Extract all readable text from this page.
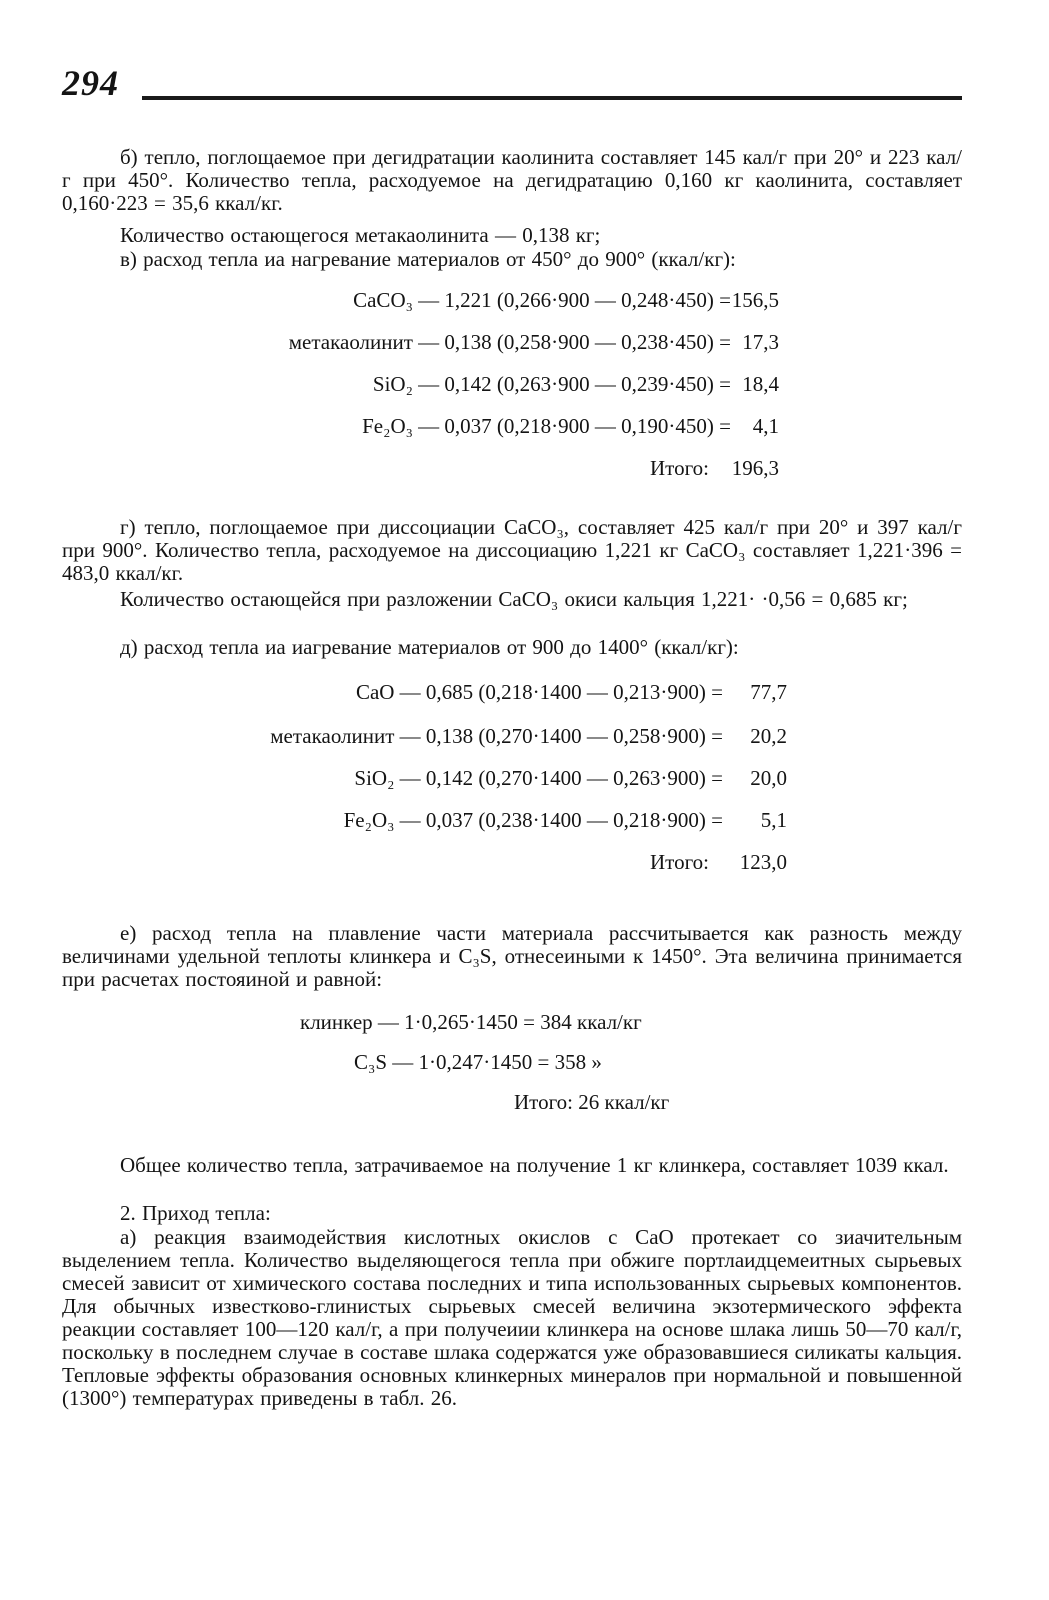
294
б) тепло, поглощаемое при дегидратации каолинита составляет 145 кал/г при 20° и 223 кал/г при 450°. Количество тепла, расходуемое на дегидратацию 0,160 кг каолинита, составляет 0,160·223 = 35,6 ккал/кг.
Количество остающегося метакаолинита — 0,138 кг;
в) расход тепла иа нагревание материалов от 450° до 900° (ккал/кг):
CaCO₃ — 1,221 (0,266·900 — 0,248·450) = 156,5
метакаолинит — 0,138 (0,258·900 — 0,238·450) = 17,3
SiO₂ — 0,142 (0,263·900 — 0,239·450) = 18,4
Fe₂O₃ — 0,037 (0,218·900 — 0,190·450) = 4,1
Итого: 196,3
г) тепло, поглощаемое при диссоциации CaCO₃, составляет 425 кал/г при 20° и 397 кал/г при 900°. Количество тепла, расходуемое на диссоциацию 1,221 кг CaCO₃ составляет 1,221·396 = 483,0 ккал/кг.
Количество остающейся при разложении CaCO₃ окиси кальция 1,221· ·0,56 = 0,685 кг;
д) расход тепла иа иагревание материалов от 900 до 1400° (ккал/кг):
CaO — 0,685 (0,218·1400 — 0,213·900) = 77,7
метакаолинит — 0,138 (0,270·1400 — 0,258·900) = 20,2
SiO₂ — 0,142 (0,270·1400 — 0,263·900) = 20,0
Fe₂O₃ — 0,037 (0,238·1400 — 0,218·900) = 5,1
Итого: 123,0
е) расход тепла на плавление части материала рассчитывается как разность между величинами удельной теплоты клинкера и C₃S, отнесеиными к 1450°. Эта величина принимается при расчетах постояиной и равной:
клинкер — 1·0,265·1450 = 384 ккал/кг
C₃S — 1·0,247·1450 = 358 »
Итого: 26 ккал/кг
Общее количество тепла, затрачиваемое на получение 1 кг клинкера, составляет 1039 ккал.
2. Приход тепла:
а) реакция взаимодействия кислотных окислов с CaO протекает со зиачительным выделением тепла. Количество выделяющегося тепла при обжиге портлаидцемеитных сырьевых смесей зависит от химического состава последних и типа использованных сырьевых компонентов. Для обычных известково-глинистых сырьевых смесей величина экзотермического эффекта реакции составляет 100—120 кал/г, а при получеиии клинкера на основе шлака лишь 50—70 кал/г, поскольку в последнем случае в составе шлака содержатся уже образовавшиеся силикаты кальция. Тепловые эффекты образования основных клинкерных минералов при нормальной и повышенной (1300°) температурах приведены в табл. 26.
